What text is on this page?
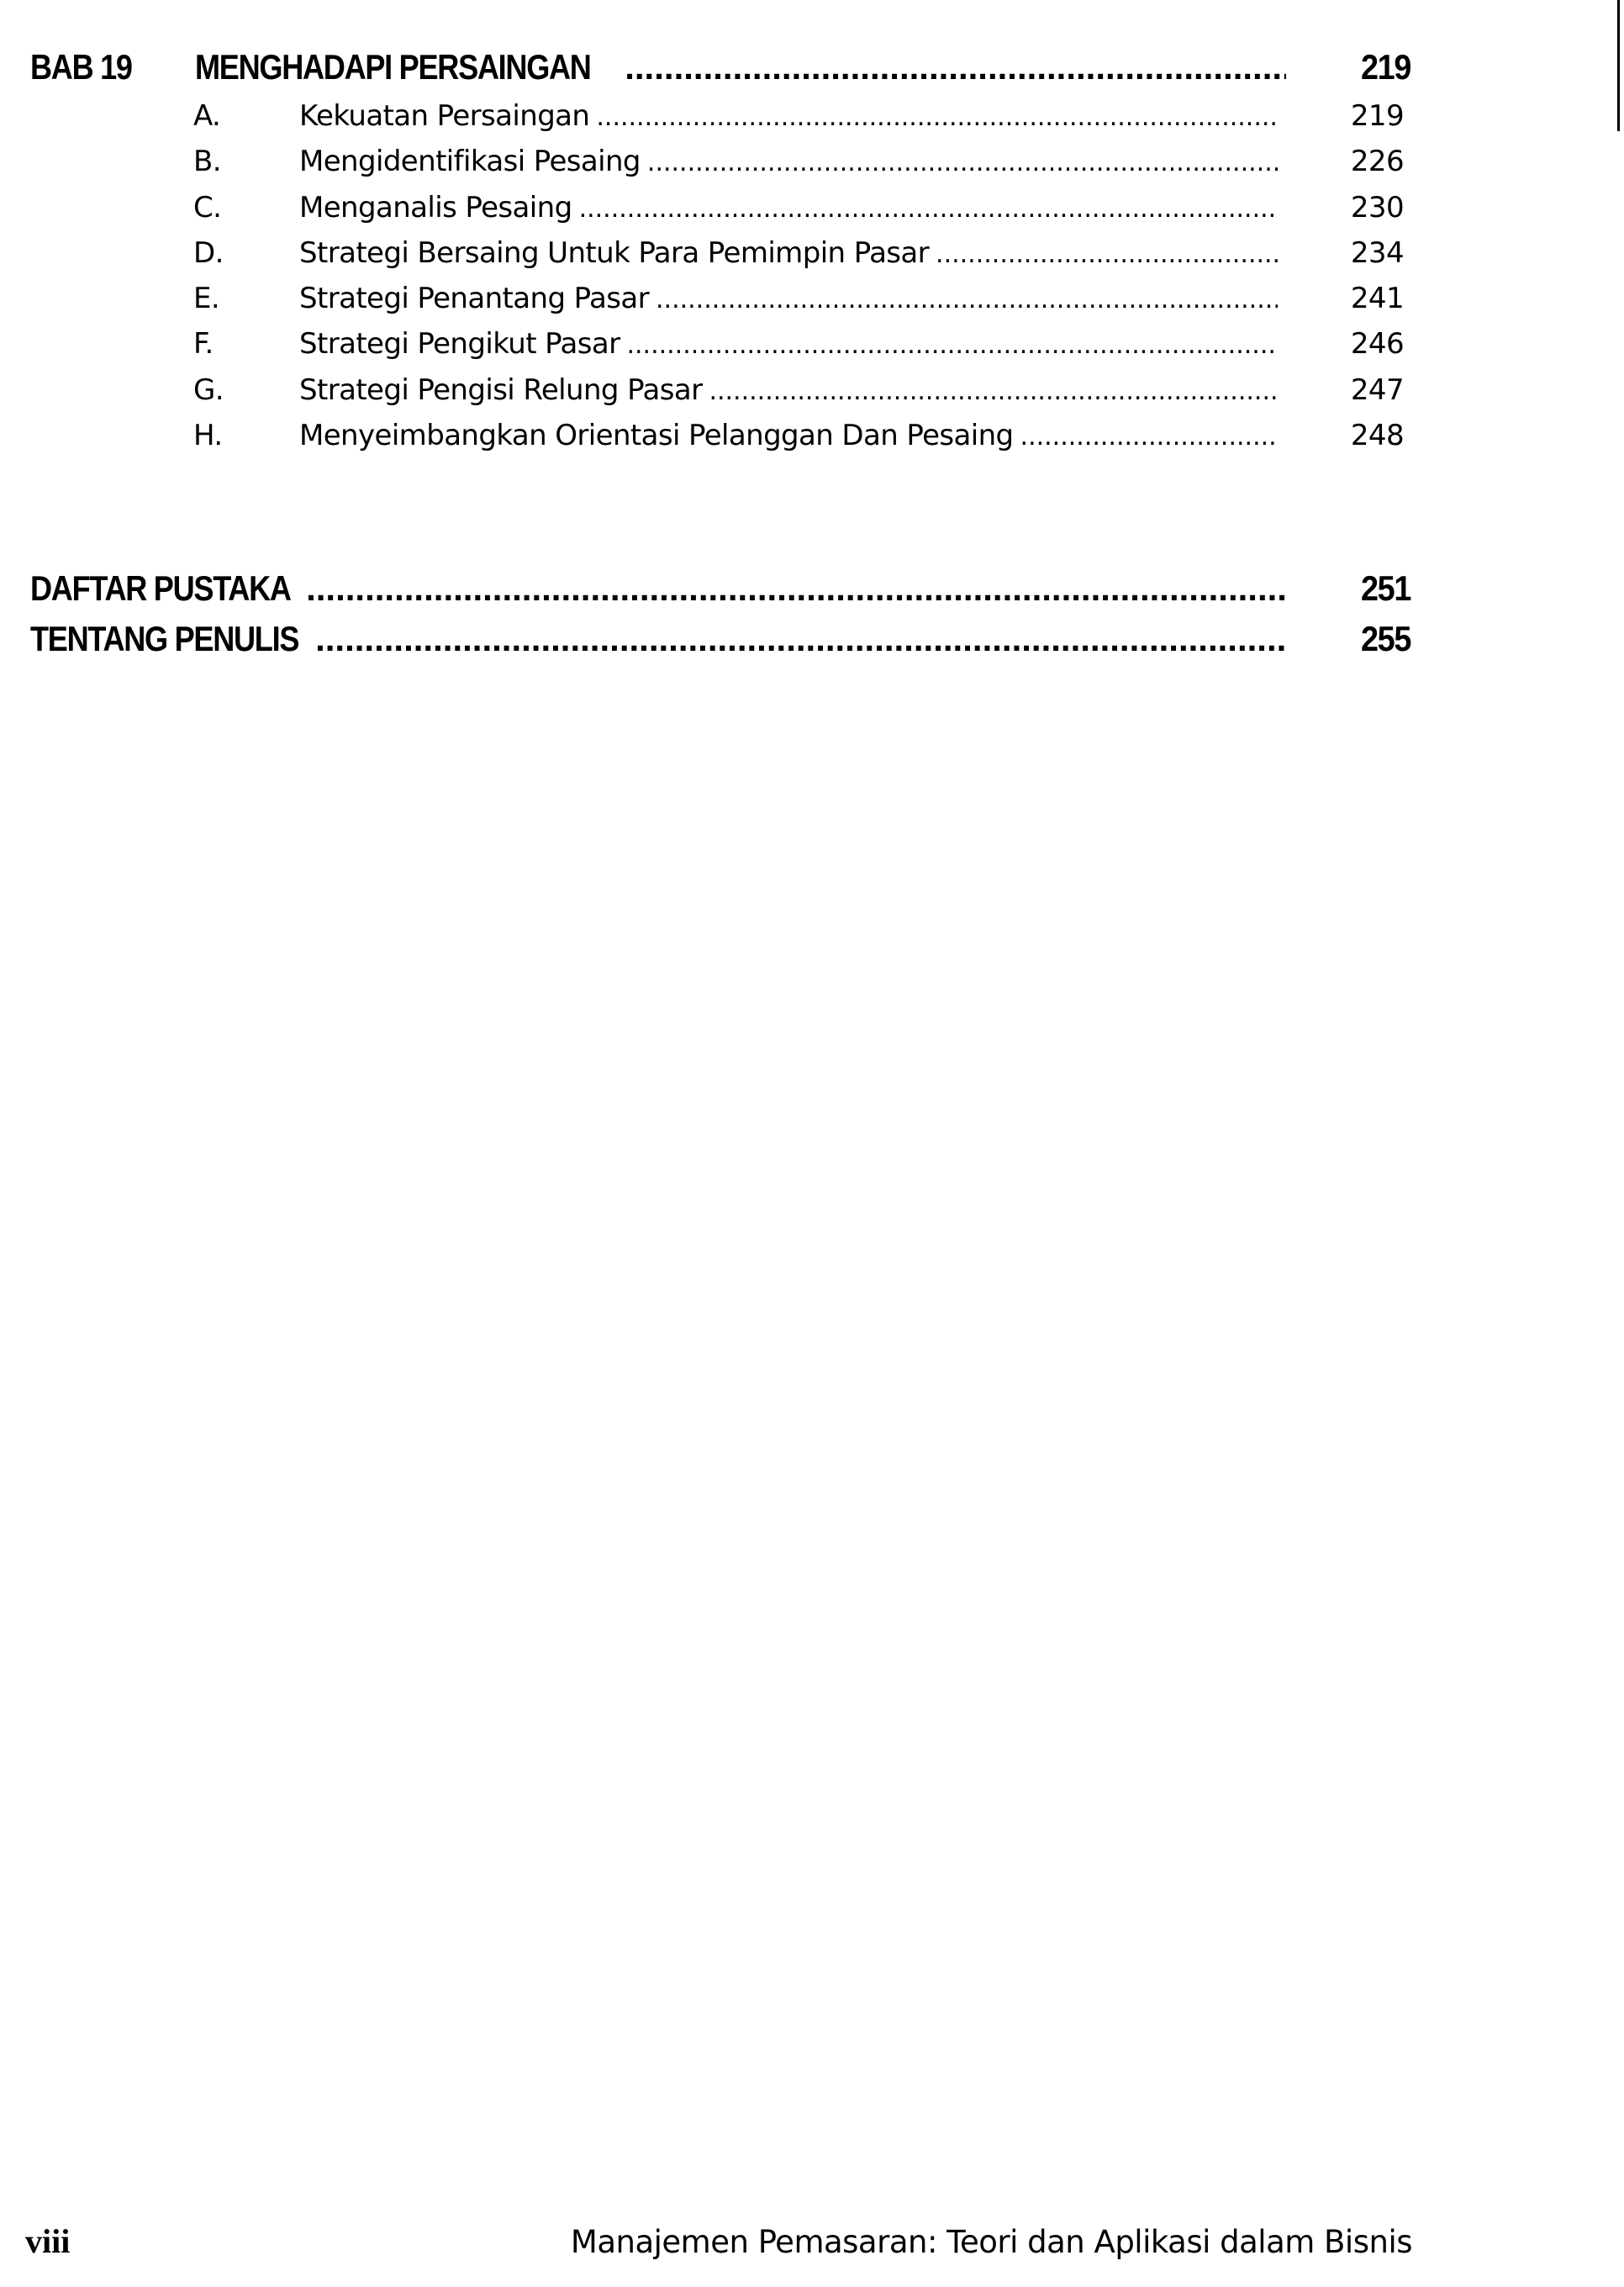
BAB 19	MENGHADAPI PERSAINGAN .....	219
A.	Kekuatan Persaingan .....	219
B.	Mengidentifikasi Pesaing .....	226
C.	Menganalis Pesaing .....	230
D.	Strategi Bersaing Untuk Para Pemimpin Pasar .....	234
E.	Strategi Penantang Pasar .....	241
F.	Strategi Pengikut Pasar .....	246
G.	Strategi Pengisi Relung Pasar .....	247
H.	Menyeimbangkan Orientasi Pelanggan Dan Pesaing .....	248
DAFTAR PUSTAKA .....	251
TENTANG PENULIS .....	255
viii	Manajemen Pemasaran: Teori dan Aplikasi dalam Bisnis
